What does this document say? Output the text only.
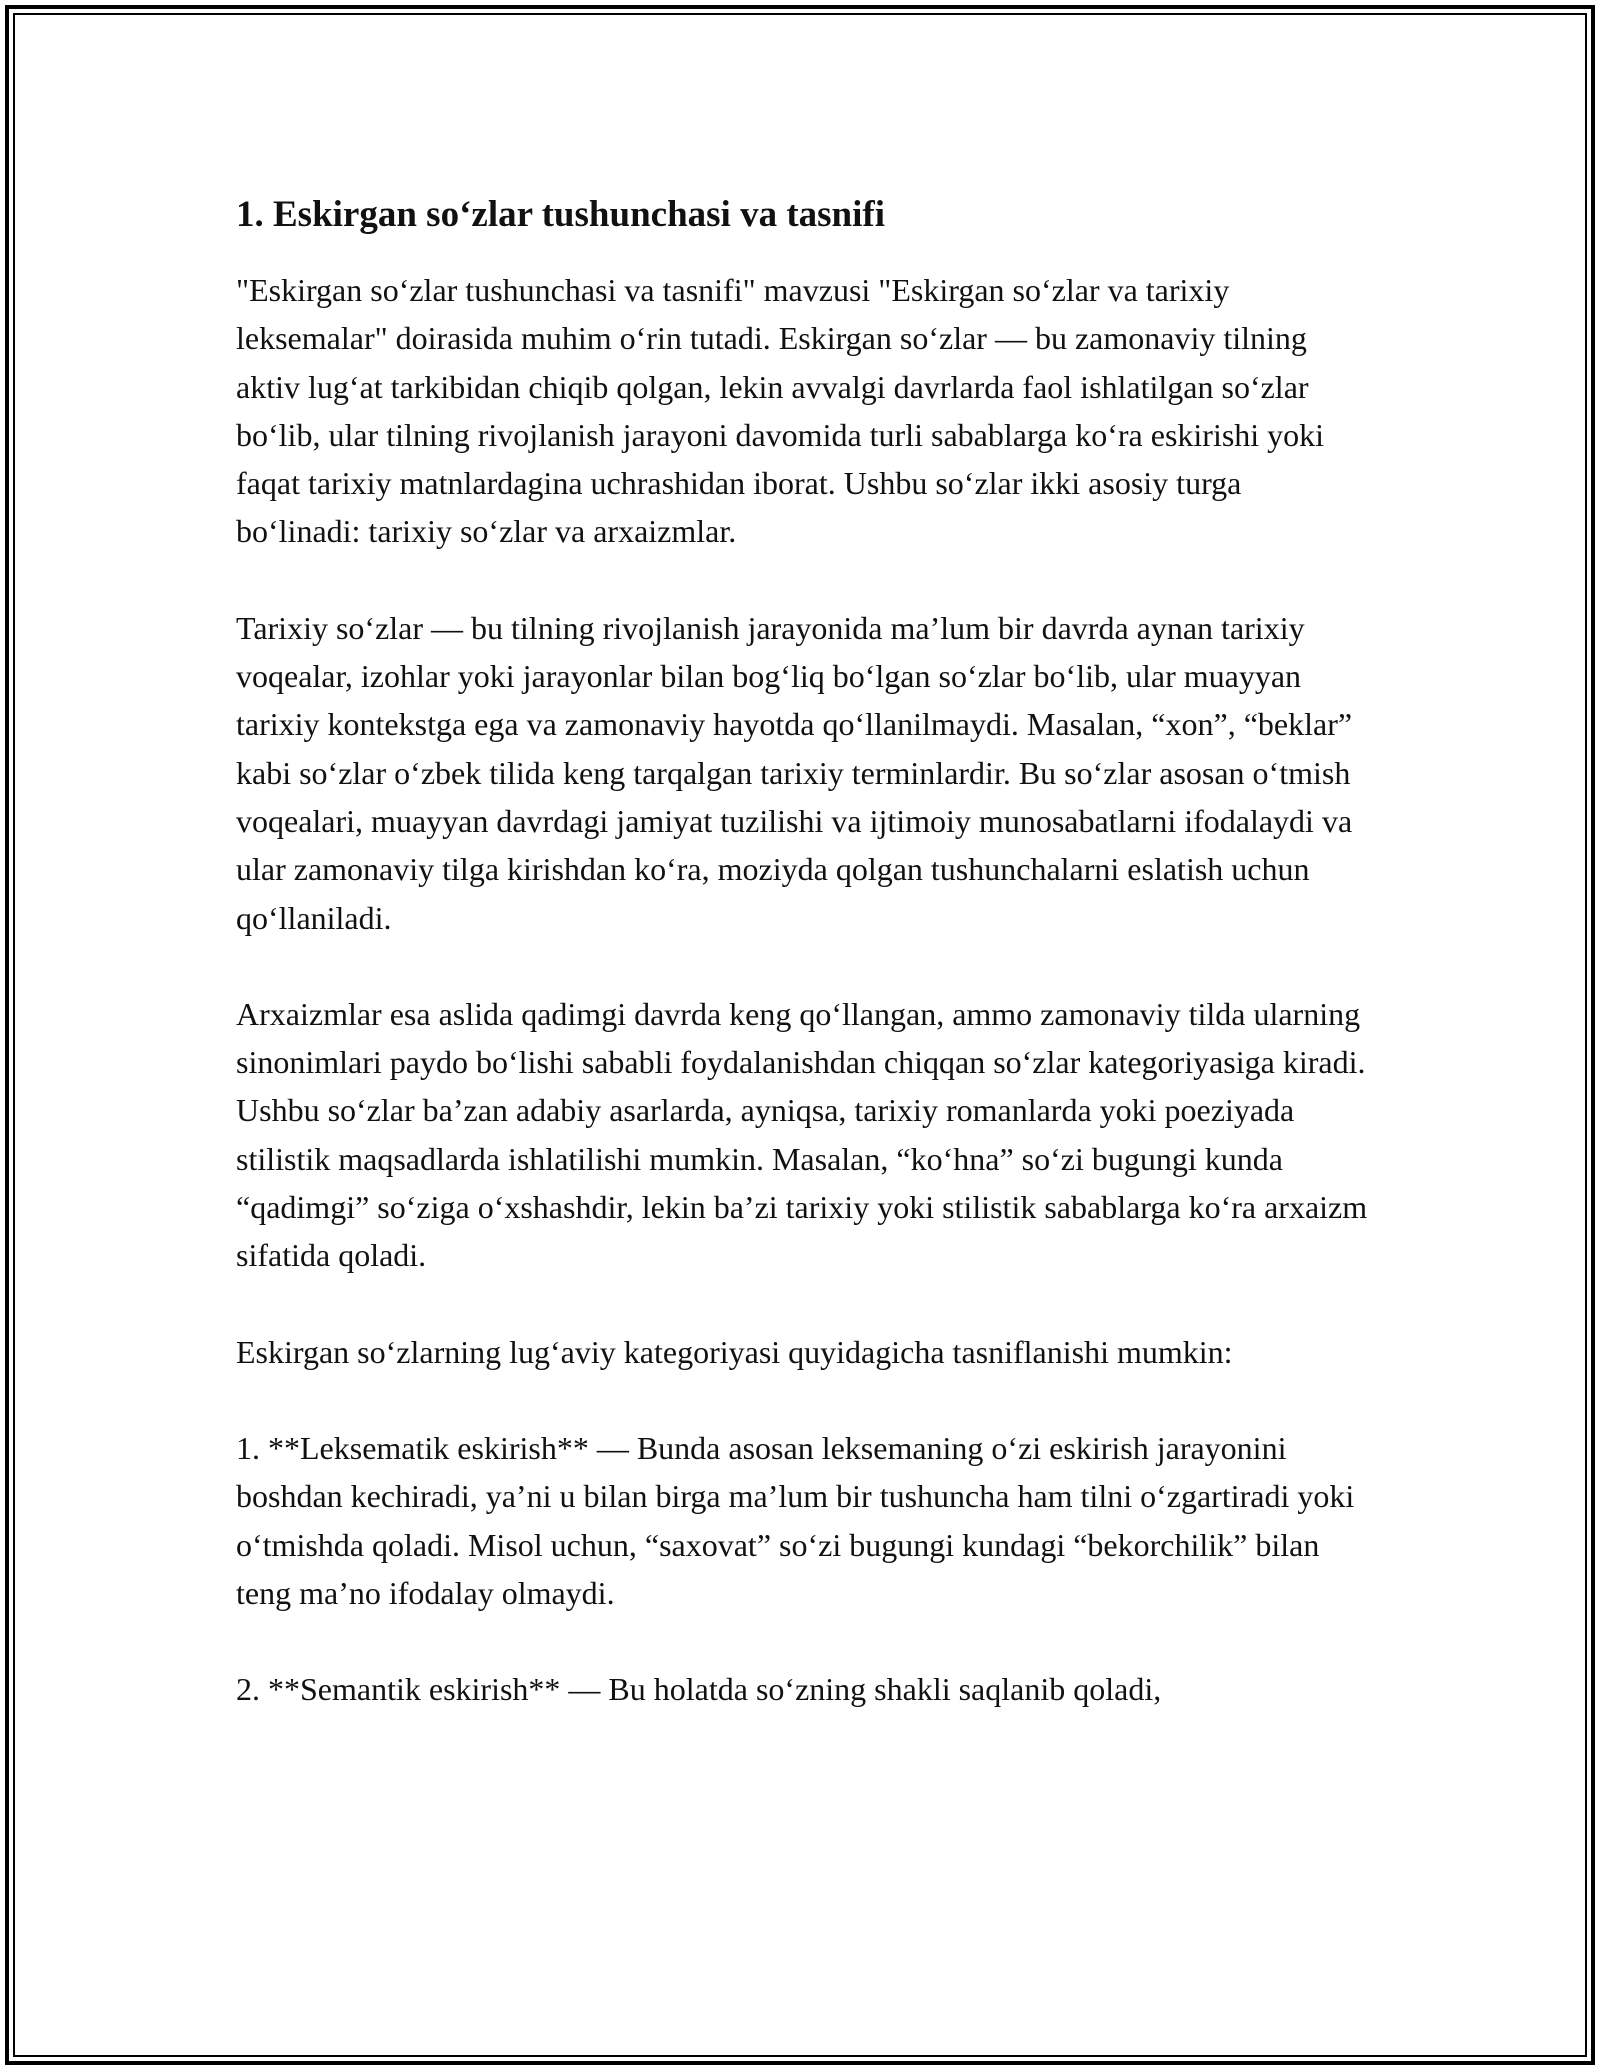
1. Eskirgan so‘zlar tushunchasi va tasnifi

"Eskirgan so‘zlar tushunchasi va tasnifi" mavzusi "Eskirgan so‘zlar va tarixiy leksemalar" doirasida muhim o‘rin tutadi. Eskirgan so‘zlar — bu zamonaviy tilning aktiv lug‘at tarkibidan chiqib qolgan, lekin avvalgi davrlarda faol ishlatilgan so‘zlar bo‘lib, ular tilning rivojlanish jarayoni davomida turli sabablarga ko‘ra eskirishi yoki faqat tarixiy matnlardagina uchrashidan iborat. Ushbu so‘zlar ikki asosiy turga bo‘linadi: tarixiy so‘zlar va arxaizmlar.

Tarixiy so‘zlar — bu tilning rivojlanish jarayonida ma’lum bir davrda aynan tarixiy voqealar, izohlar yoki jarayonlar bilan bog‘liq bo‘lgan so‘zlar bo‘lib, ular muayyan tarixiy kontekstga ega va zamonaviy hayotda qo‘llanilmaydi. Masalan, “xon”, “beklar” kabi so‘zlar o‘zbek tilida keng tarqalgan tarixiy terminlardir. Bu so‘zlar asosan o‘tmish voqealari, muayyan davrdagi jamiyat tuzilishi va ijtimoiy munosabatlarni ifodalaydi va ular zamonaviy tilga kirishdan ko‘ra, moziyda qolgan tushunchalarni eslatish uchun qo‘llaniladi.

Arxaizmlar esa aslida qadimgi davrda keng qo‘llangan, ammo zamonaviy tilda ularning sinonimlari paydo bo‘lishi sababli foydalanishdan chiqqan so‘zlar kategoriyasiga kiradi. Ushbu so‘zlar ba’zan adabiy asarlarda, ayniqsa, tarixiy romanlarda yoki poeziyada stilistik maqsadlarda ishlatilishi mumkin. Masalan, “ko‘hna” so‘zi bugungi kunda “qadimgi” so‘ziga o‘xshashdir, lekin ba’zi tarixiy yoki stilistik sabablarga ko‘ra arxaizm sifatida qoladi.

Eskirgan so‘zlarning lug‘aviy kategoriyasi quyidagicha tasniflanishi mumkin:

1. **Leksematik eskirish** — Bunda asosan leksemaning o‘zi eskirish jarayonini boshdan kechiradi, ya’ni u bilan birga ma’lum bir tushuncha ham tilni o‘zgartiradi yoki o‘tmishda qoladi. Misol uchun, “saxovat” so‘zi bugungi kundagi “bekorchilik” bilan teng ma’no ifodalay olmaydi.

2. **Semantik eskirish** — Bu holatda so‘zning shakli saqlanib qoladi,
